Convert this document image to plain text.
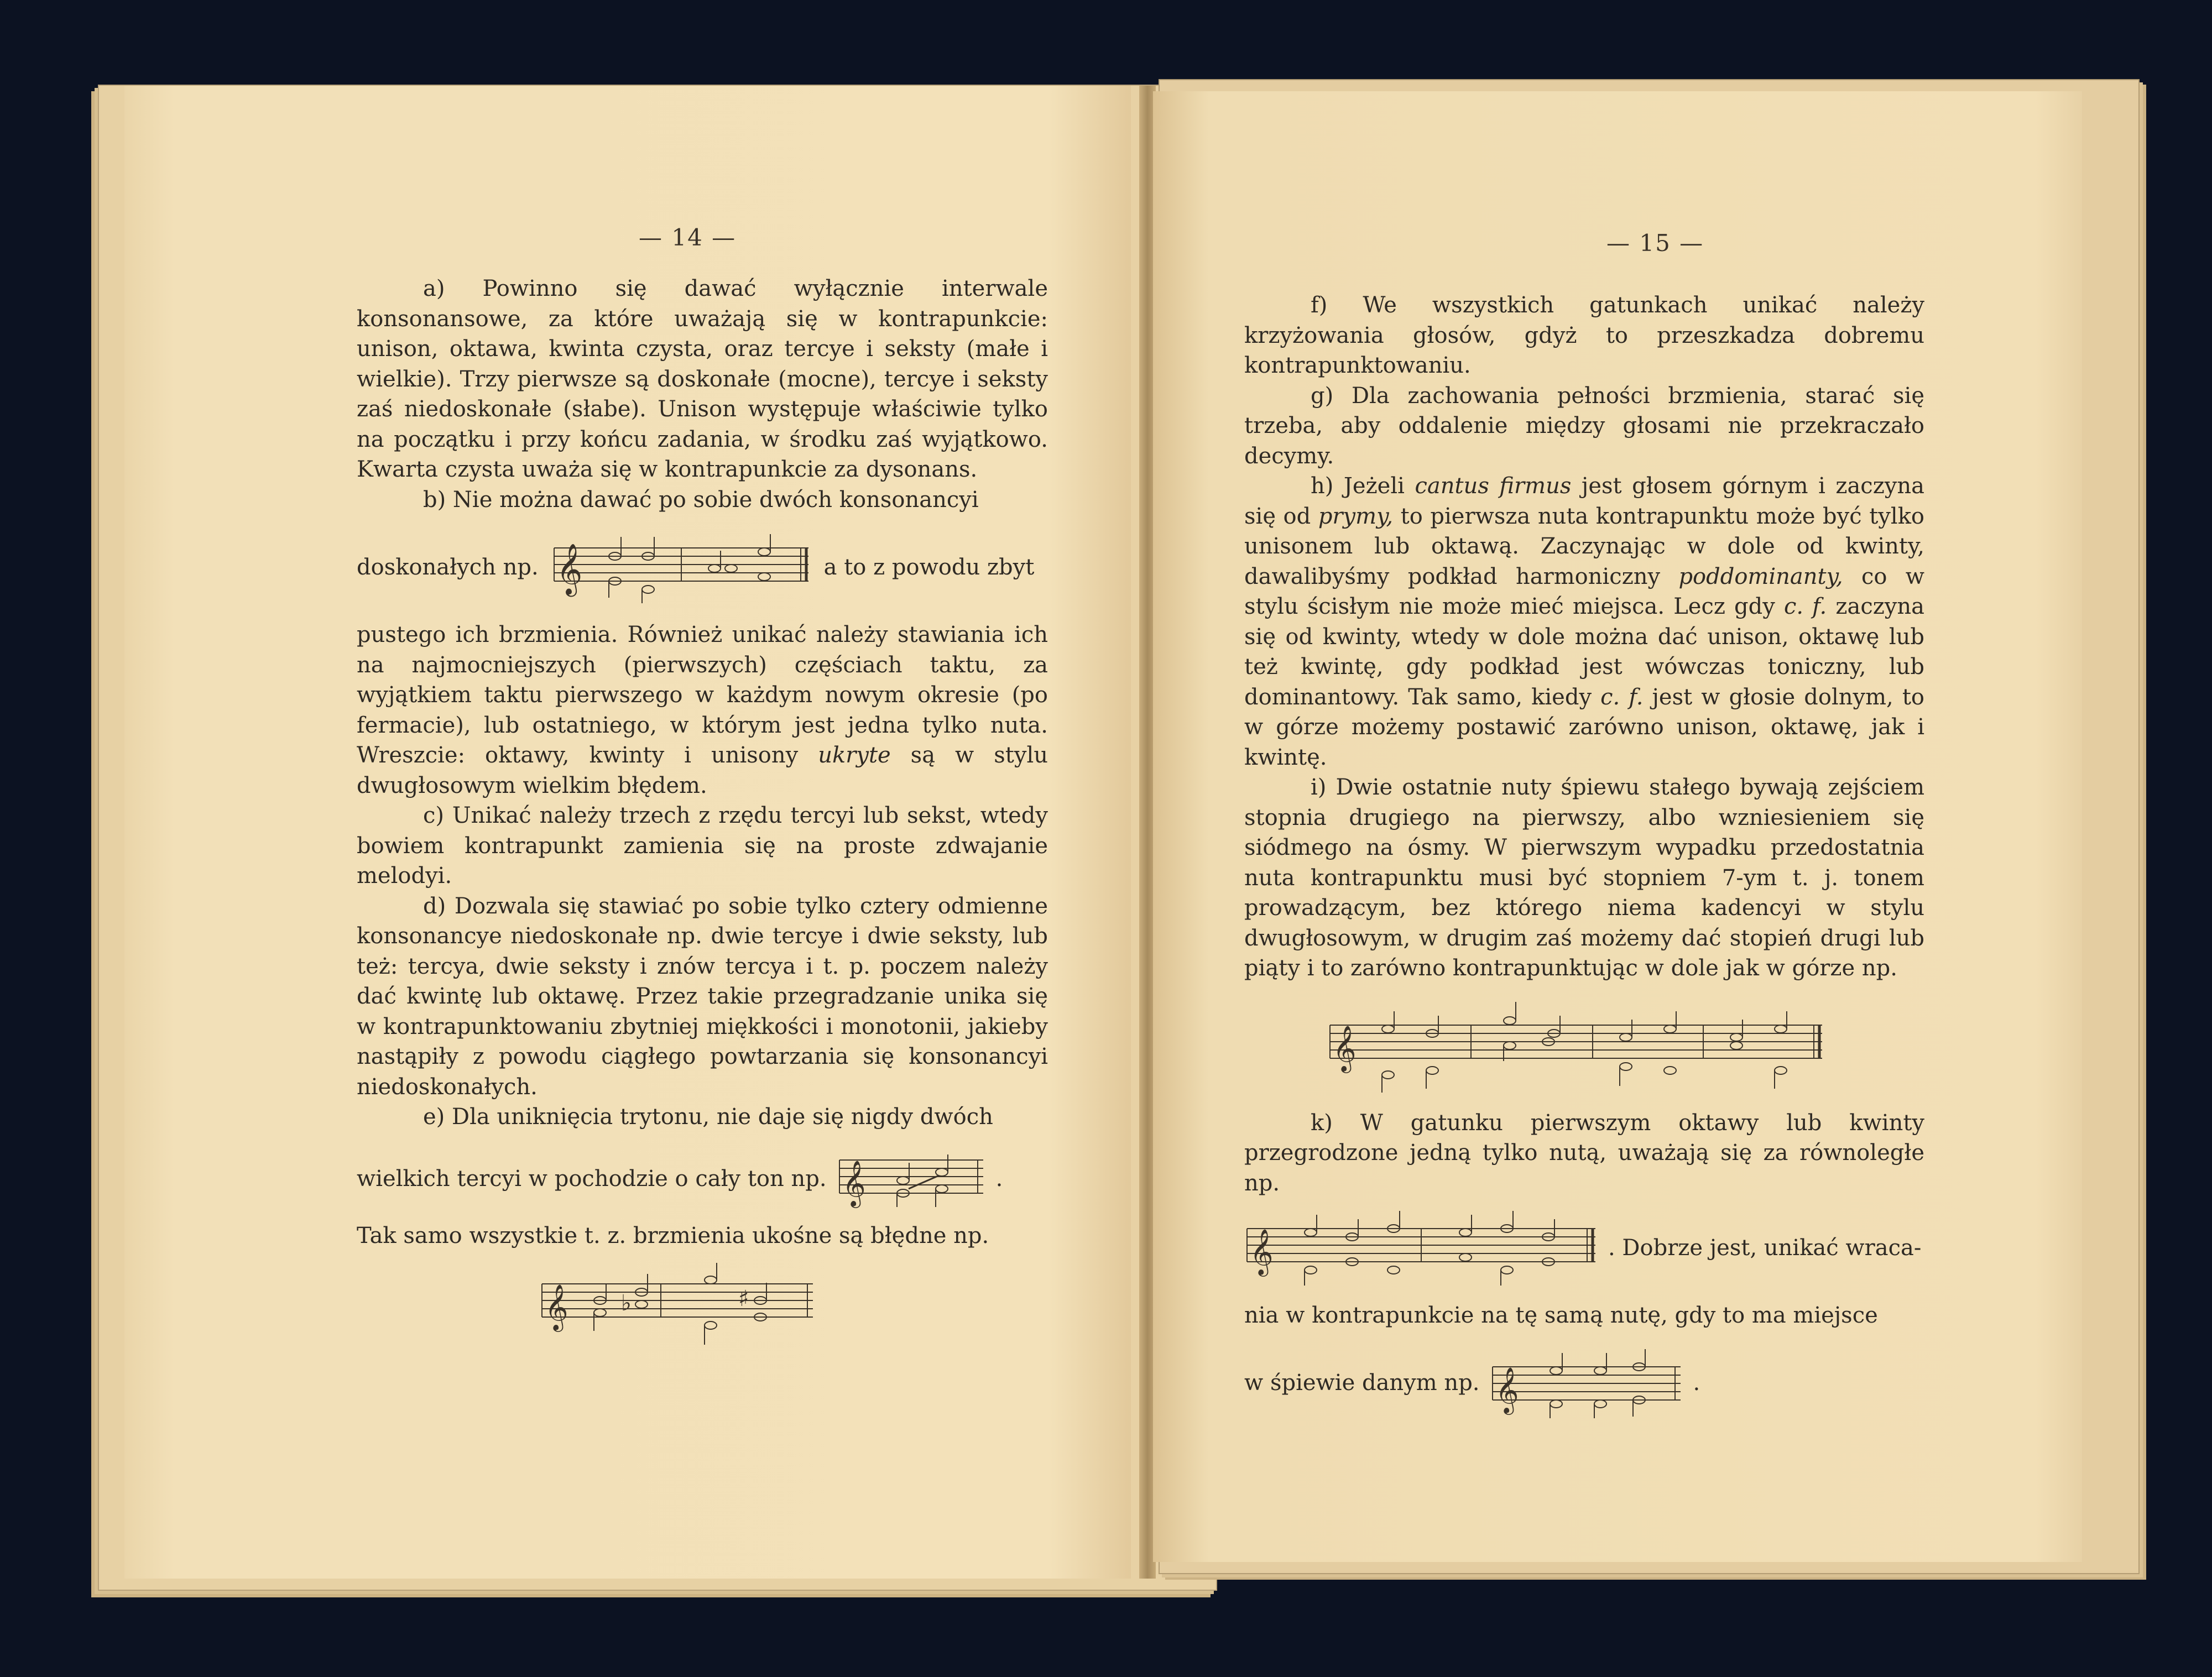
— 14 —

a) Powinno się dawać wyłącznie interwale konsonansowe, za które uważają się w kontrapunkcie: unison, oktawa, kwinta czysta, oraz tercye i seksty (małe i wielkie). Trzy pierwsze są doskonałe (mocne), tercye i seksty zaś niedoskonałe (słabe). Unison występuje właściwie tylko na początku i przy końcu zadania, w środku zaś wyjątkowo. Kwarta czysta uważa się w kontrapunkcie za dysonans.

b) Nie można dawać po sobie dwóch konsonancyi

doskonałych np. 𝄞	a to z powodu zbyt

pustego ich brzmienia. Również unikać należy stawiania ich na najmocniejszych (pierwszych) częściach taktu, za wyjątkiem taktu pierwszego w każdym nowym okresie (po fermacie), lub ostatniego, w którym jest jedna tylko nuta. Wreszcie: oktawy, kwinty i unisony ukryte są w stylu dwugłosowym wielkim błędem.

c) Unikać należy trzech z rzędu tercyi lub sekst, wtedy bowiem kontrapunkt zamienia się na proste zdwajanie melodyi.

d) Dozwala się stawiać po sobie tylko cztery odmienne konsonancye niedoskonałe np. dwie tercye i dwie seksty, lub też: tercya, dwie seksty i znów tercya i t. p. poczem należy dać kwintę lub oktawę. Przez takie przegradzanie unika się w kontrapunktowaniu zbytniej miękkości i monotonii, jakieby nastąpiły z powodu ciągłego powtarzania się konsonancyi niedoskonałych.

e) Dla uniknięcia trytonu, nie daje się nigdy dwóch

wielkich tercyi w pochodzie o cały ton np. 𝄞	.

Tak samo wszystkie t. z. brzmienia ukośne są błędne np.

♭	♯
𝄞
— 15 —

f) We wszystkich gatunkach unikać należy krzyżowania głosów, gdyż to przeszkadza dobremu kontrapunktowaniu.

g) Dla zachowania pełności brzmienia, starać się trzeba, aby oddalenie między głosami nie przekraczało decymy.

h) Jeżeli cantus firmus jest głosem górnym i zaczyna się od prymy, to pierwsza nuta kontrapunktu może być tylko unisonem lub oktawą. Zaczynając w dole od kwinty, dawalibyśmy podkład harmoniczny poddominanty, co w stylu ścisłym nie może mieć miejsca. Lecz gdy c. f. zaczyna się od kwinty, wtedy w dole można dać unison, oktawę lub też kwintę, gdy podkład jest wówczas toniczny, lub dominantowy. Tak samo, kiedy c. f. jest w głosie dolnym, to w górze możemy postawić zarówno unison, oktawę, jak i kwintę.

i) Dwie ostatnie nuty śpiewu stałego bywają zejściem stopnia drugiego na pierwszy, albo wzniesieniem się siódmego na ósmy. W pierwszym wypadku przedostatnia nuta kontrapunktu musi być stopniem 7-ym t. j. tonem prowadzącym, bez którego niema kadencyi w stylu dwugłosowym, w drugim zaś możemy dać stopień drugi lub piąty i to zarówno kontrapunktując w dole jak w górze np.

𝄞

k) W gatunku pierwszym oktawy lub kwinty przegrodzone jedną tylko nutą, uważają się za równoległe np.

𝄞	. Dobrze jest, unikać wraca-

nia w kontrapunkcie na tę samą nutę, gdy to ma miejsce

w śpiewie danym np. 𝄞	.
